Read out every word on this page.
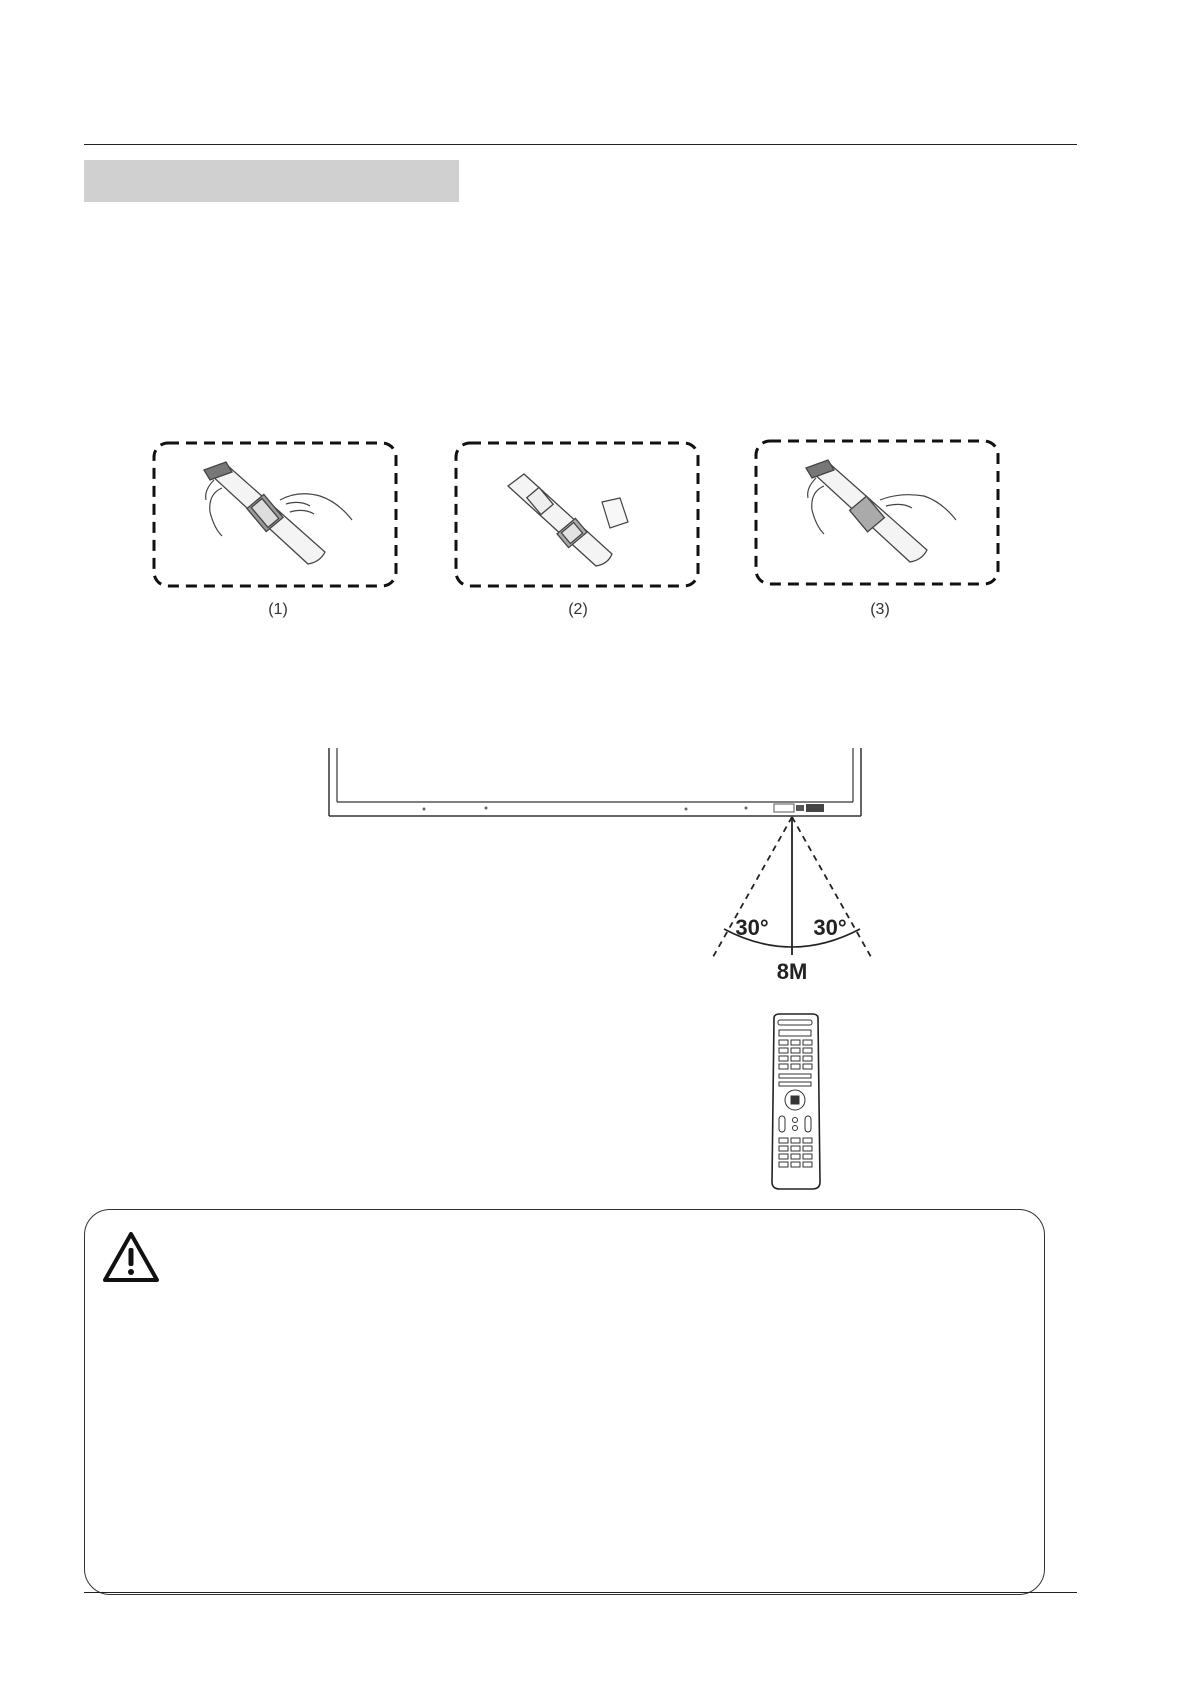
(1)	(2)	(3)
30° 30°
8M
